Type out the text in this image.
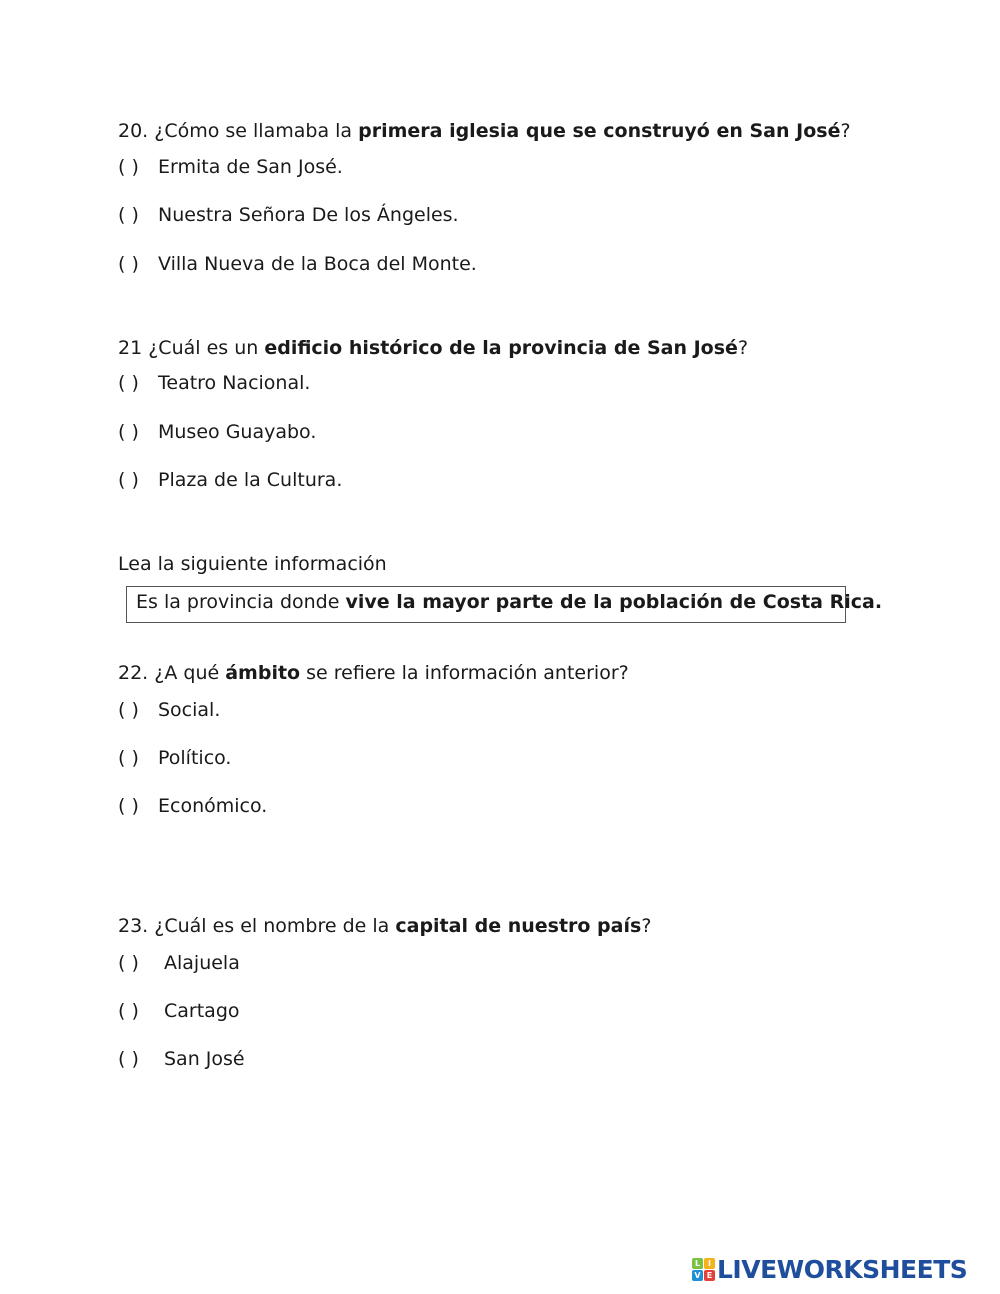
20. ¿Cómo se llamaba la primera iglesia que se construyó en San José?
( ) Ermita de San José.
( ) Nuestra Señora De los Ángeles.
( ) Villa Nueva de la Boca del Monte.
21 ¿Cuál es un edificio histórico de la provincia de San José?
( ) Teatro Nacional.
( ) Museo Guayabo.
( ) Plaza de la Cultura.
Lea la siguiente información
Es la provincia donde vive la mayor parte de la población de Costa Rica.
22. ¿A qué ámbito se refiere la información anterior?
( ) Social.
( ) Político.
( ) Económico.
23. ¿Cuál es el nombre de la capital de nuestro país?
( ) Alajuela
( ) Cartago
( ) San José
L I
V E LIVEWORKSHEETS
